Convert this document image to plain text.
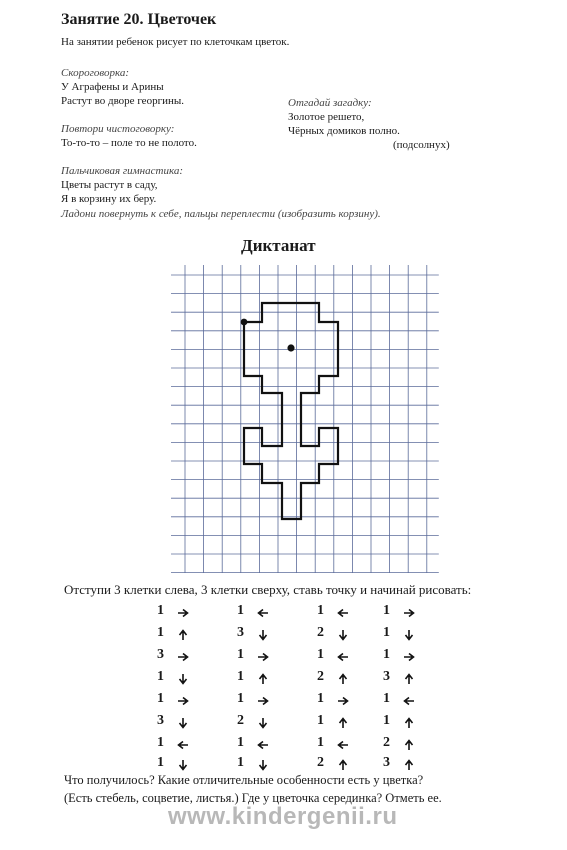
Занятие 20. Цветочек
На занятии ребенок рисует по клеточкам цветок.
Скороговорка:
У Аграфены и Арины
Растут во дворе георгины.	Отгадай загадку:
Золотое решето,
Чёрных домиков полно.
(подсолнух)
Повтори чистоговорку:
То-то-то – поле то не полото.
Пальчиковая гимнастика:
Цветы растут в саду,
Я в корзину их беру.
Ладони повернуть к себе, пальцы переплести (изобразить корзину).
Диктанат
Отступи 3 клетки слева, 3 клетки сверху, ставь точку и начинай рисовать:
1
1
3
1
1
3
1
1
1
3
1
1
1
2
1
1
1
2
1
2
1
1
1
2
1
1
1
3
1
1
2
3
Что получилось? Какие отличительные особенности есть у цветка?
(Есть стебель, соцветие, листья.) Где у цветочка серединка? Отметь ее.
www.kindergenii.ru
